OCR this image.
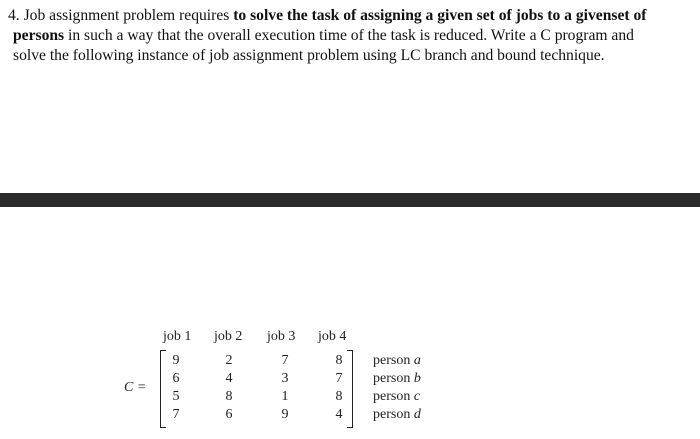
4. Job assignment problem requires to solve the task of assigning a given set of jobs to a givenset of
persons in such a way that the overall execution time of the task is reduced. Write a C program and
solve the following instance of job assignment problem using LC branch and bound technique.
job 1 job 2 job 3 job 4
C =
9	2	7	8
6	4	3	7
5	8	1	8
7	6	9	4
person a
person b
person c
person d
